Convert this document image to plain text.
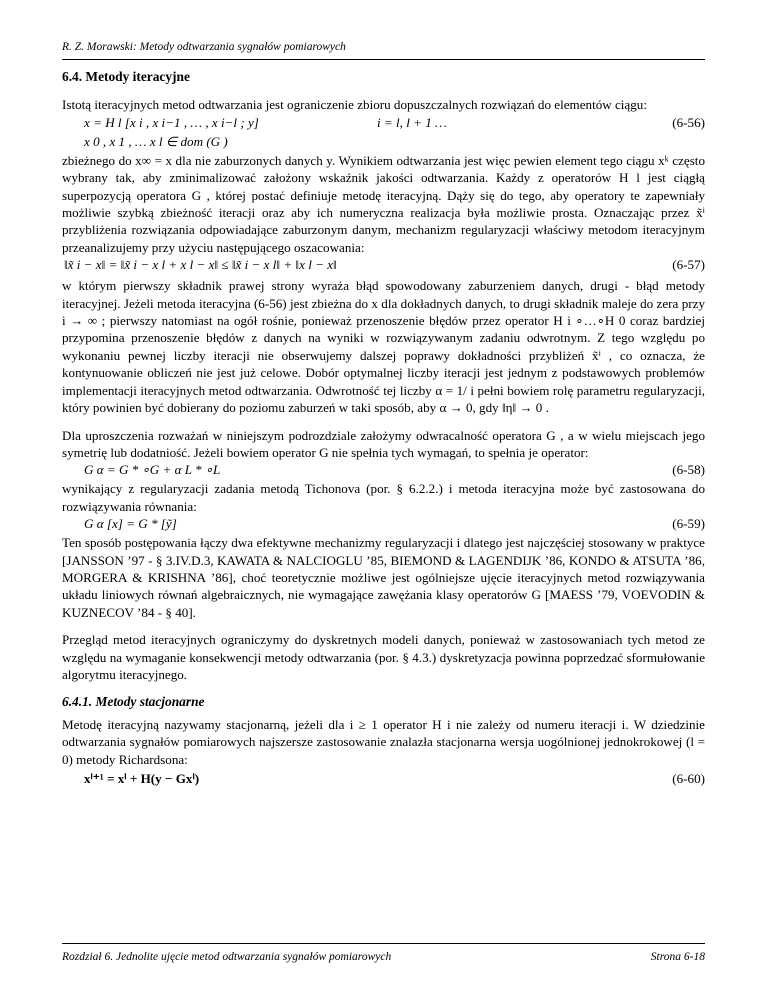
R. Z. Morawski: Metody odtwarzania sygnałów pomiarowych
6.4. Metody iteracyjne

Istotą iteracyjnych metod odtwarzania jest ograniczenie zbioru dopuszczalnych rozwiązań do elementów ciągu:

x = H l [x i , x i−1 , … , x i−l ; y]	i = l, l + 1 …	(6-56)
x 0 , x 1 , … x l ∈ dom (G )

zbieżnego do x∞ = x dla nie zaburzonych danych y. Wynikiem odtwarzania jest więc pewien element tego ciągu xᵏ często wybrany tak, aby zminimalizować założony wskaźnik jakości odtwarzania. Każdy z operatorów H l jest ciągłą superpozycją operatora G , której postać definiuje metodę iteracyjną. Dąży się do tego, aby operatory te zapewniały możliwie szybką zbieżność iteracji oraz aby ich numeryczna realizacja była możliwie prosta. Oznaczając przez x̃ⁱ przybliżenia rozwiązania odpowiadające zaburzonym danym, mechanizm regularyzacji właściwy metodom iteracyjnym przeanalizujemy przy użyciu następującego oszacowania:

‖x̃ i − x‖ = ‖x̃ i − x l + x l − x‖ ≤ ‖x̃ i − x l‖ + ‖x l − x‖	(6-57)

w którym pierwszy składnik prawej strony wyraża błąd spowodowany zaburzeniem danych, drugi - błąd metody iteracyjnej. Jeżeli metoda iteracyjna (6-56) jest zbieżna do x dla dokładnych danych, to drugi składnik maleje do zera przy i → ∞ ; pierwszy natomiast na ogół rośnie, ponieważ przenoszenie błędów przez operator H i ∘…∘H 0 coraz bardziej przypomina przenoszenie błędów z danych na wyniki w rozwiązywanym zadaniu odwrotnym. Z tego względu po wykonaniu pewnej liczby iteracji nie obserwujemy dalszej poprawy dokładności przybliżeń x̃ⁱ , co oznacza, że kontynuowanie obliczeń nie jest już celowe. Dobór optymalnej liczby iteracji jest jednym z podstawowych problemów implementacji iteracyjnych metod odtwarzania. Odwrotność tej liczby α = 1/ i pełni bowiem rolę parametru regularyzacji, który powinien być dobierany do poziomu zaburzeń w taki sposób, aby α → 0, gdy ‖η‖ → 0 .

Dla uproszczenia rozważań w niniejszym podrozdziale założymy odwracalność operatora G , a w wielu miejscach jego symetrię lub dodatniość. Jeżeli bowiem operator G nie spełnia tych wymagań, to spełnia je operator:

G α = G * ∘G + α L * ∘L	(6-58)

wynikający z regularyzacji zadania metodą Tichonova (por. § 6.2.2.) i metoda iteracyjna może być zastosowana do rozwiązywania równania:

G α [x] = G * [ỹ]	(6-59)

Ten sposób postępowania łączy dwa efektywne mechanizmy regularyzacji i dlatego jest najczęściej stosowany w praktyce [JANSSON ’97 - § 3.IV.D.3, KAWATA & NALCIOGLU ’85, BIEMOND & LAGENDIJK ’86, KONDO & ATSUTA ’86, MORGERA & KRISHNA ’86], choć teoretycznie możliwe jest ogólniejsze ujęcie iteracyjnych metod rozwiązywania układu liniowych równań algebraicznych, nie wymagające zawężania klasy operatorów G [MAESS ’79, VOEVODIN & KUZNECOV ’84 - § 40].

Przegląd metod iteracyjnych ograniczymy do dyskretnych modeli danych, ponieważ w zastosowaniach tych metod ze względu na wymaganie konsekwencji metody odtwarzania (por. § 4.3.) dyskretyzacja powinna poprzedzać sformułowanie algorytmu iteracyjnego.

6.4.1. Metody stacjonarne

Metodę iteracyjną nazywamy stacjonarną, jeżeli dla i ≥ 1 operator H i nie zależy od numeru iteracji i. W dziedzinie odtwarzania sygnałów pomiarowych najszersze zastosowanie znalazła stacjonarna wersja uogólnionej jednokrokowej (l = 0) metody Richardsona:

xⁱ⁺¹ = xⁱ + H(y − Gxⁱ)	(6-60)
Rozdział 6. Jednolite ujęcie metod odtwarzania sygnałów pomiarowych	Strona 6-18
